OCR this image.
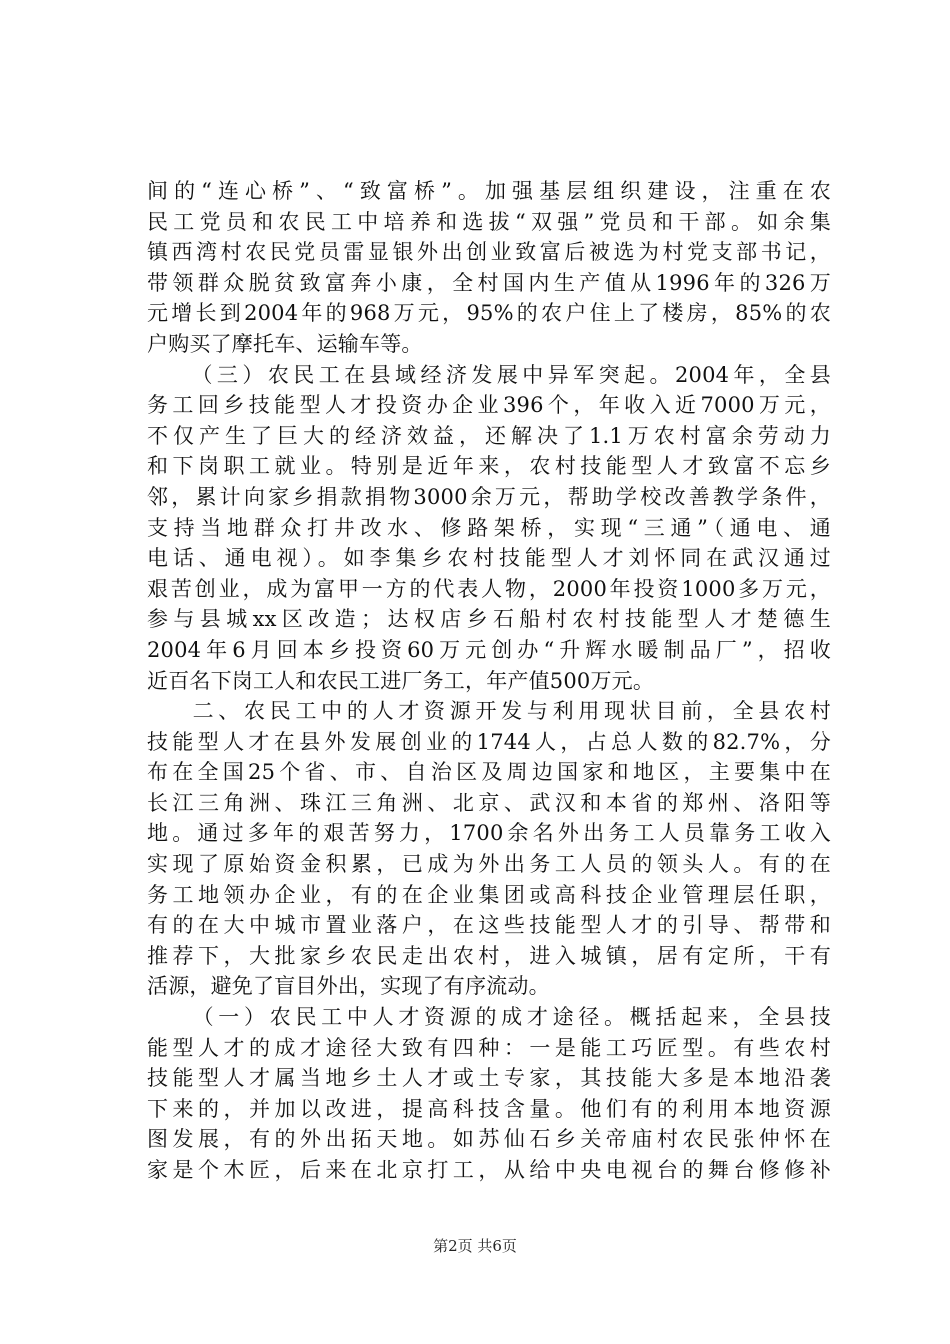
间的“连心桥”、“致富桥”。加强基层组织建设，注重在农
民工党员和农民工中培养和选拔“双强”党员和干部。如余集
镇西湾村农民党员雷显银外出创业致富后被选为村党支部书记，
带领群众脱贫致富奔小康，全村国内生产值从1996年的326万
元增长到2004年的968万元，95%的农户住上了楼房，85%的农
户购买了摩托车、运输车等。
（三）农民工在县域经济发展中异军突起。2004年，全县
务工回乡技能型人才投资办企业396个，年收入近7000万元，
不仅产生了巨大的经济效益，还解决了1.1万农村富余劳动力
和下岗职工就业。特别是近年来，农村技能型人才致富不忘乡
邻，累计向家乡捐款捐物3000余万元，帮助学校改善教学条件，
支持当地群众打井改水、修路架桥，实现“三通”（通电、通
电话、通电视）。如李集乡农村技能型人才刘怀同在武汉通过
艰苦创业，成为富甲一方的代表人物，2000年投资1000多万元，
参与县城xx区改造；达权店乡石船村农村技能型人才楚德生
2004年6月回本乡投资60万元创办“升辉水暖制品厂”，招收
近百名下岗工人和农民工进厂务工，年产值500万元。
二、农民工中的人才资源开发与利用现状目前，全县农村
技能型人才在县外发展创业的1744人，占总人数的82.7%，分
布在全国25个省、市、自治区及周边国家和地区，主要集中在
长江三角洲、珠江三角洲、北京、武汉和本省的郑州、洛阳等
地。通过多年的艰苦努力，1700余名外出务工人员靠务工收入
实现了原始资金积累，已成为外出务工人员的领头人。有的在
务工地领办企业，有的在企业集团或高科技企业管理层任职，
有的在大中城市置业落户，在这些技能型人才的引导、帮带和
推荐下，大批家乡农民走出农村，进入城镇，居有定所，干有
活源，避免了盲目外出，实现了有序流动。
（一）农民工中人才资源的成才途径。概括起来，全县技
能型人才的成才途径大致有四种：一是能工巧匠型。有些农村
技能型人才属当地乡土人才或土专家，其技能大多是本地沿袭
下来的，并加以改进，提高科技含量。他们有的利用本地资源
图发展，有的外出拓天地。如苏仙石乡关帝庙村农民张仲怀在
家是个木匠，后来在北京打工，从给中央电视台的舞台修修补
第2页 共6页
